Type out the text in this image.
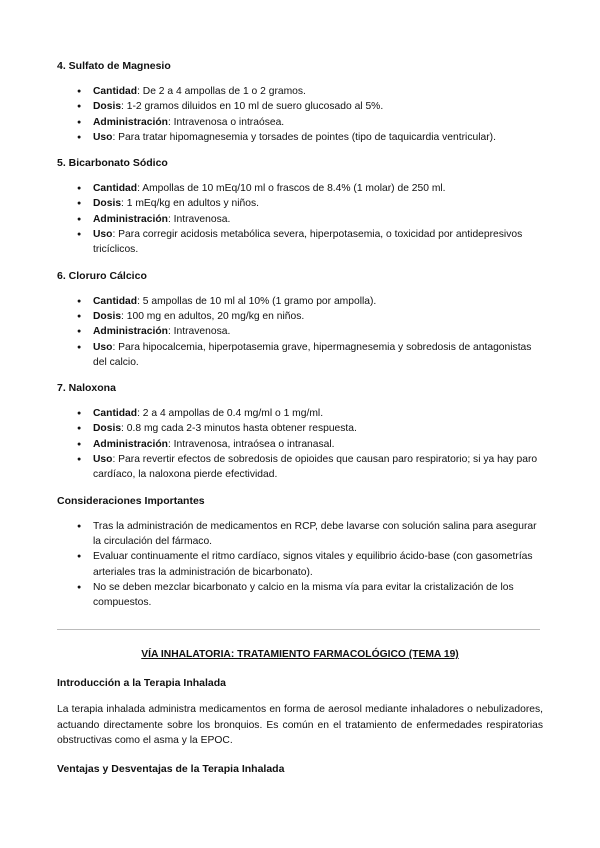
4. Sulfato de Magnesio
● Cantidad: De 2 a 4 ampollas de 1 o 2 gramos.
● Dosis: 1-2 gramos diluidos en 10 ml de suero glucosado al 5%.
● Administración: Intravenosa o intraósea.
● Uso: Para tratar hipomagnesemia y torsades de pointes (tipo de taquicardia ventricular).
5. Bicarbonato Sódico
● Cantidad: Ampollas de 10 mEq/10 ml o frascos de 8.4% (1 molar) de 250 ml.
● Dosis: 1 mEq/kg en adultos y niños.
● Administración: Intravenosa.
● Uso: Para corregir acidosis metabólica severa, hiperpotasemia, o toxicidad por antidepresivos tricíclicos.
6. Cloruro Cálcico
● Cantidad: 5 ampollas de 10 ml al 10% (1 gramo por ampolla).
● Dosis: 100 mg en adultos, 20 mg/kg en niños.
● Administración: Intravenosa.
● Uso: Para hipocalcemia, hiperpotasemia grave, hipermagnesemia y sobredosis de antagonistas del calcio.
7. Naloxona
● Cantidad: 2 a 4 ampollas de 0.4 mg/ml o 1 mg/ml.
● Dosis: 0.8 mg cada 2-3 minutos hasta obtener respuesta.
● Administración: Intravenosa, intraósea o intranasal.
● Uso: Para revertir efectos de sobredosis de opioides que causan paro respiratorio; si ya hay paro cardíaco, la naloxona pierde efectividad.
Consideraciones Importantes
● Tras la administración de medicamentos en RCP, debe lavarse con solución salina para asegurar la circulación del fármaco.
● Evaluar continuamente el ritmo cardíaco, signos vitales y equilibrio ácido-base (con gasometrías arteriales tras la administración de bicarbonato).
● No se deben mezclar bicarbonato y calcio en la misma vía para evitar la cristalización de los compuestos.
VÍA INHALATORIA: TRATAMIENTO FARMACOLÓGICO (TEMA 19)
Introducción a la Terapia Inhalada

La terapia inhalada administra medicamentos en forma de aerosol mediante inhaladores o nebulizadores, actuando directamente sobre los bronquios. Es común en el tratamiento de enfermedades respiratorias obstructivas como el asma y la EPOC.

Ventajas y Desventajas de la Terapia Inhalada
